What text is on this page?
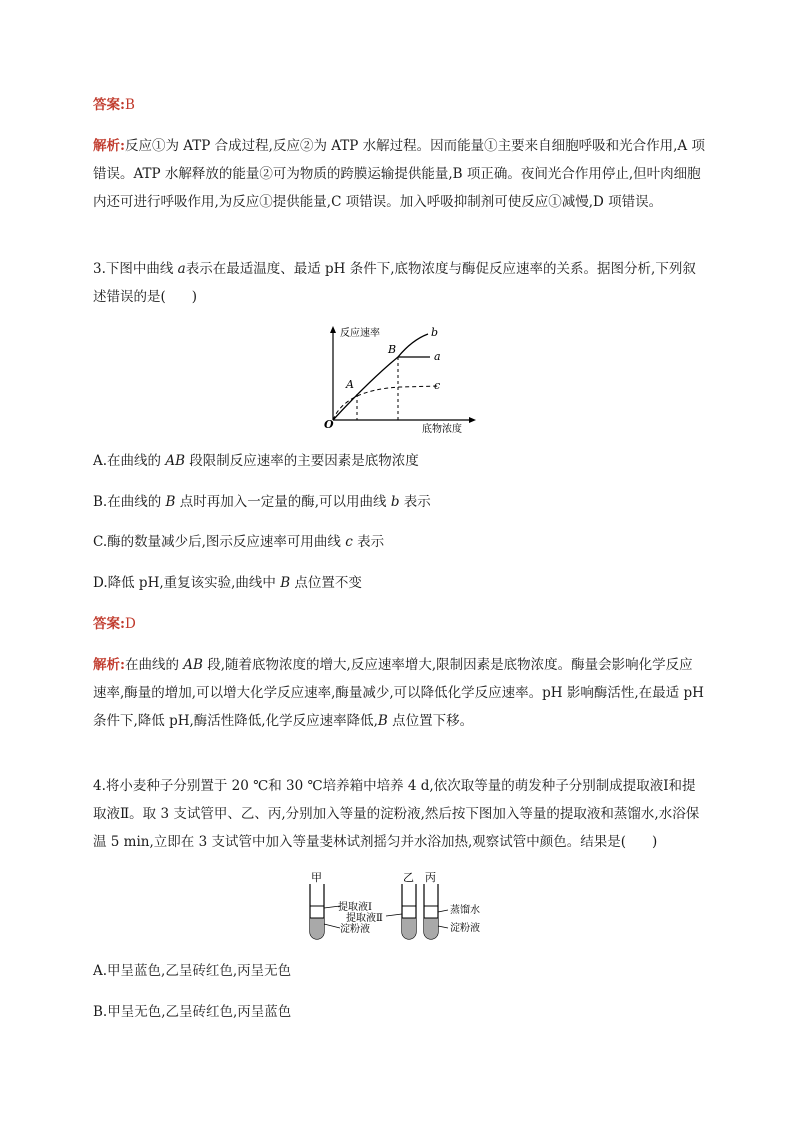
答案:B

解析:反应①为 ATP 合成过程,反应②为 ATP 水解过程。因而能量①主要来自细胞呼吸和光合作用,A 项错误。ATP 水解释放的能量②可为物质的跨膜运输提供能量,B 项正确。夜间光合作用停止,但叶肉细胞内还可进行呼吸作用,为反应①提供能量,C 项错误。加入呼吸抑制剂可使反应①减慢,D 项错误。

3.下图中曲线 a表示在最适温度、最适 pH 条件下,底物浓度与酶促反应速率的关系。据图分析,下列叙述错误的是( )

反应速率
底物浓度
O
A
B
a
b
c

A.在曲线的 AB 段限制反应速率的主要因素是底物浓度

B.在曲线的 B 点时再加入一定量的酶,可以用曲线 b 表示

C.酶的数量减少后,图示反应速率可用曲线 c 表示

D.降低 pH,重复该实验,曲线中 B 点位置不变

答案:D

解析:在曲线的 AB 段,随着底物浓度的增大,反应速率增大,限制因素是底物浓度。酶量会影响化学反应速率,酶量的增加,可以增大化学反应速率,酶量减少,可以降低化学反应速率。pH 影响酶活性,在最适 pH 条件下,降低 pH,酶活性降低,化学反应速率降低,B 点位置下移。

4.将小麦种子分别置于 20 ℃和 30 ℃培养箱中培养 4 d,依次取等量的萌发种子分别制成提取液Ⅰ和提取液Ⅱ。取 3 支试管甲、乙、丙,分别加入等量的淀粉液,然后按下图加入等量的提取液和蒸馏水,水浴保温 5 min,立即在 3 支试管中加入等量斐林试剂摇匀并水浴加热,观察试管中颜色。结果是( )

甲	乙 丙
提取液Ⅰ
提取液Ⅱ
淀粉液
蒸馏水
淀粉液

A.甲呈蓝色,乙呈砖红色,丙呈无色

B.甲呈无色,乙呈砖红色,丙呈蓝色
